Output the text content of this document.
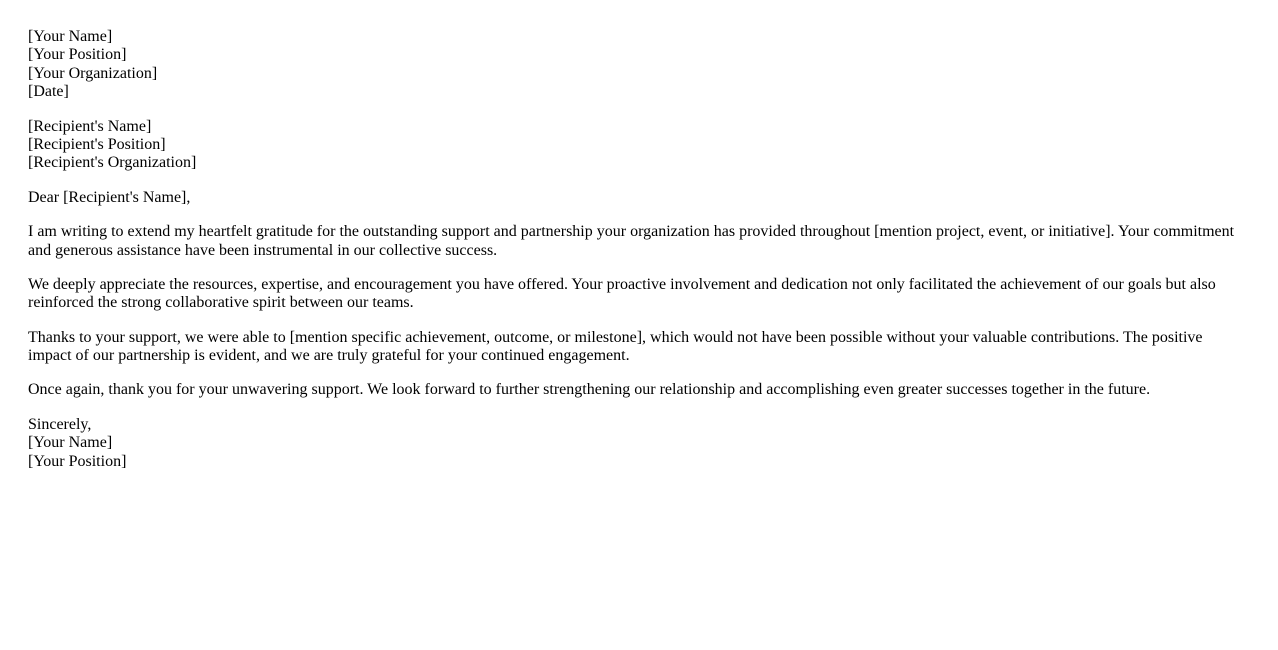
[Your Name]
[Your Position]
[Your Organization]
[Date]

[Recipient's Name]
[Recipient's Position]
[Recipient's Organization]

Dear [Recipient's Name],

I am writing to extend my heartfelt gratitude for the outstanding support and partnership your organization has provided throughout [mention project, event, or initiative]. Your commitment and generous assistance have been instrumental in our collective success.

We deeply appreciate the resources, expertise, and encouragement you have offered. Your proactive involvement and dedication not only facilitated the achievement of our goals but also reinforced the strong collaborative spirit between our teams.

Thanks to your support, we were able to [mention specific achievement, outcome, or milestone], which would not have been possible without your valuable contributions. The positive impact of our partnership is evident, and we are truly grateful for your continued engagement.

Once again, thank you for your unwavering support. We look forward to further strengthening our relationship and accomplishing even greater successes together in the future.

Sincerely,
[Your Name]
[Your Position]
